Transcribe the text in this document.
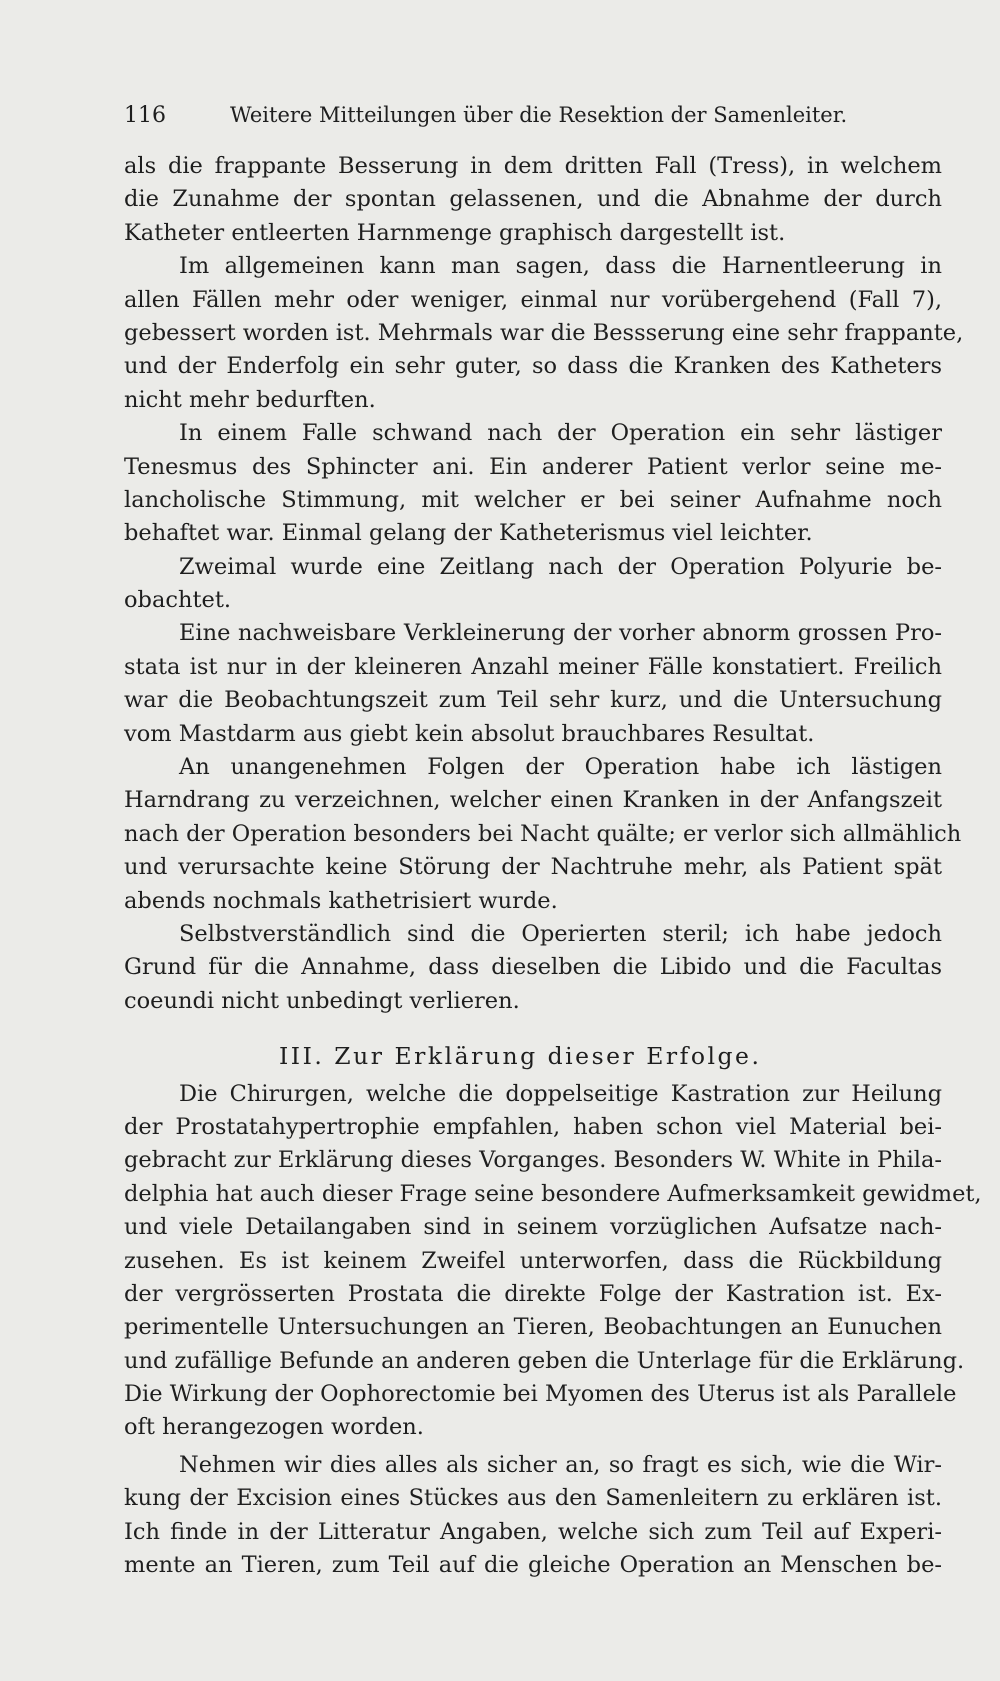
116	Weitere Mitteilungen über die Resektion der Samenleiter.
als die frappante Besserung in dem dritten Fall (Tress), in welchem
die Zunahme der spontan gelassenen, und die Abnahme der durch
Katheter entleerten Harnmenge graphisch dargestellt ist.
Im allgemeinen kann man sagen, dass die Harnentleerung in
allen Fällen mehr oder weniger, einmal nur vorübergehend (Fall 7),
gebessert worden ist. Mehrmals war die Bessserung eine sehr frappante,
und der Enderfolg ein sehr guter, so dass die Kranken des Katheters
nicht mehr bedurften.
In einem Falle schwand nach der Operation ein sehr lästiger
Tenesmus des Sphincter ani. Ein anderer Patient verlor seine me-
lancholische Stimmung, mit welcher er bei seiner Aufnahme noch
behaftet war. Einmal gelang der Katheterismus viel leichter.
Zweimal wurde eine Zeitlang nach der Operation Polyurie be-
obachtet.
Eine nachweisbare Verkleinerung der vorher abnorm grossen Pro-
stata ist nur in der kleineren Anzahl meiner Fälle konstatiert. Freilich
war die Beobachtungszeit zum Teil sehr kurz, und die Untersuchung
vom Mastdarm aus giebt kein absolut brauchbares Resultat.
An unangenehmen Folgen der Operation habe ich lästigen
Harndrang zu verzeichnen, welcher einen Kranken in der Anfangszeit
nach der Operation besonders bei Nacht quälte; er verlor sich allmählich
und verursachte keine Störung der Nachtruhe mehr, als Patient spät
abends nochmals kathetrisiert wurde.
Selbstverständlich sind die Operierten steril; ich habe jedoch
Grund für die Annahme, dass dieselben die Libido und die Facultas
coeundi nicht unbedingt verlieren.
III. Zur Erklärung dieser Erfolge.
Die Chirurgen, welche die doppelseitige Kastration zur Heilung
der Prostatahypertrophie empfahlen, haben schon viel Material bei-
gebracht zur Erklärung dieses Vorganges. Besonders W. White in Phila-
delphia hat auch dieser Frage seine besondere Aufmerksamkeit gewidmet,
und viele Detailangaben sind in seinem vorzüglichen Aufsatze nach-
zusehen. Es ist keinem Zweifel unterworfen, dass die Rückbildung
der vergrösserten Prostata die direkte Folge der Kastration ist. Ex-
perimentelle Untersuchungen an Tieren, Beobachtungen an Eunuchen
und zufällige Befunde an anderen geben die Unterlage für die Erklärung.
Die Wirkung der Oophorectomie bei Myomen des Uterus ist als Parallele
oft herangezogen worden.
Nehmen wir dies alles als sicher an, so fragt es sich, wie die Wir-
kung der Excision eines Stückes aus den Samenleitern zu erklären ist.
Ich finde in der Litteratur Angaben, welche sich zum Teil auf Experi-
mente an Tieren, zum Teil auf die gleiche Operation an Menschen be-
